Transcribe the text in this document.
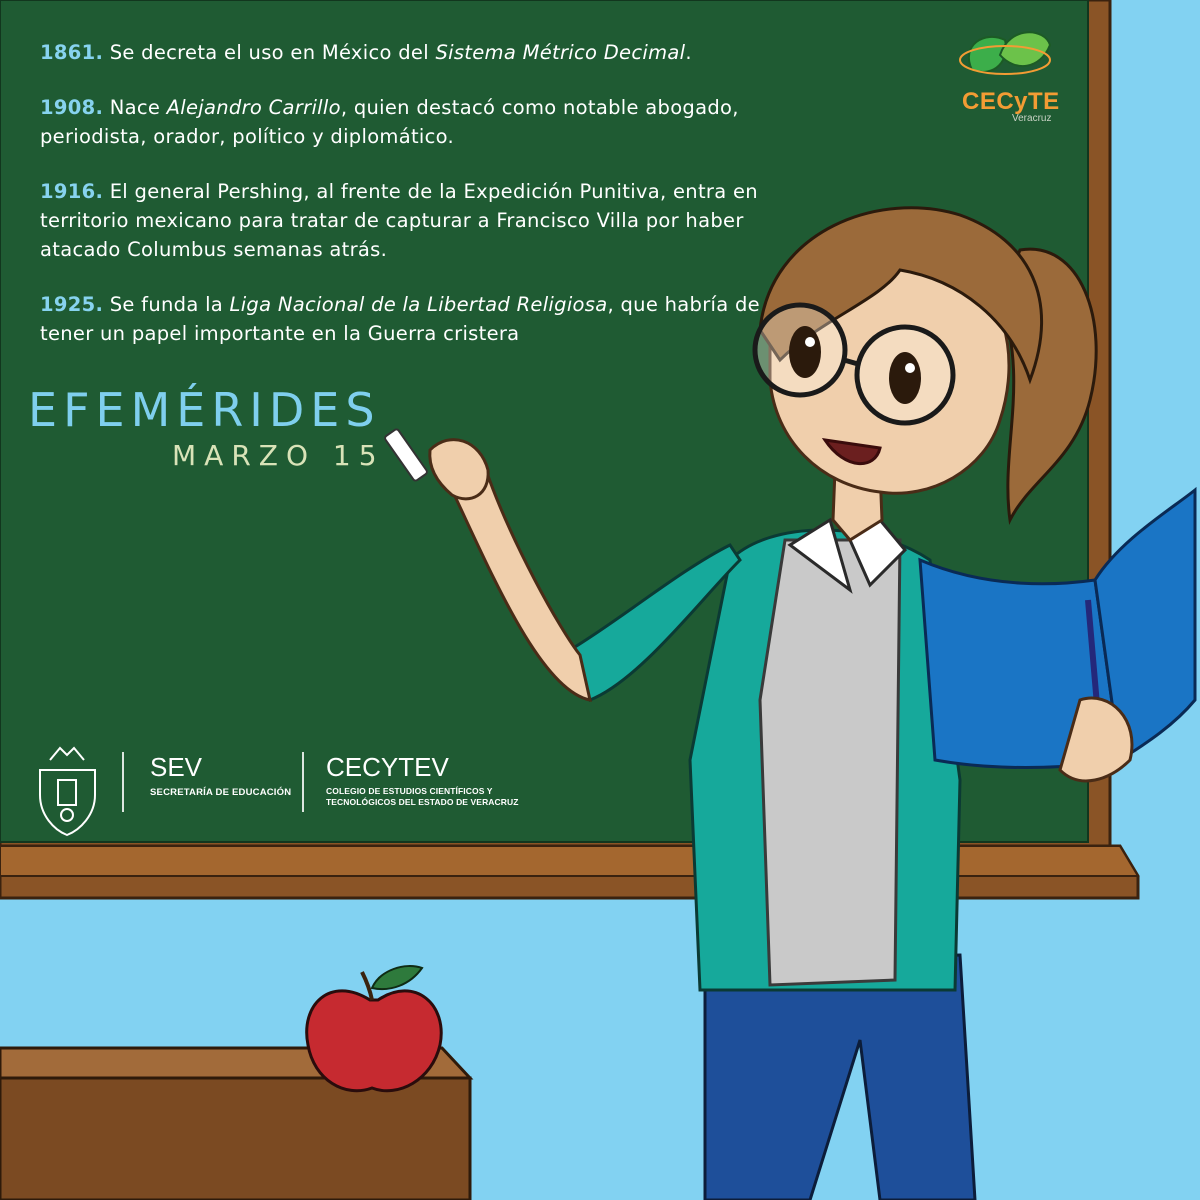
1861. Se decreta el uso en México del Sistema Métrico Decimal.

1908. Nace Alejandro Carrillo, quien destacó como notable abogado, periodista, orador, político y diplomático.

1916. El general Pershing, al frente de la Expedición Punitiva, entra en territorio mexicano para tratar de capturar a Francisco Villa por haber atacado Columbus semanas atrás.

1925. Se funda la Liga Nacional de la Libertad Religiosa, que habría de tener un papel importante en la Guerra cristera

EFEMÉRIDES
MARZO 15
CECyTE
Veracruz
SEV
SECRETARÍA DE EDUCACIÓN
CECYTEV
COLEGIO DE ESTUDIOS CIENTÍFICOS Y TECNOLÓGICOS DEL ESTADO DE VERACRUZ
